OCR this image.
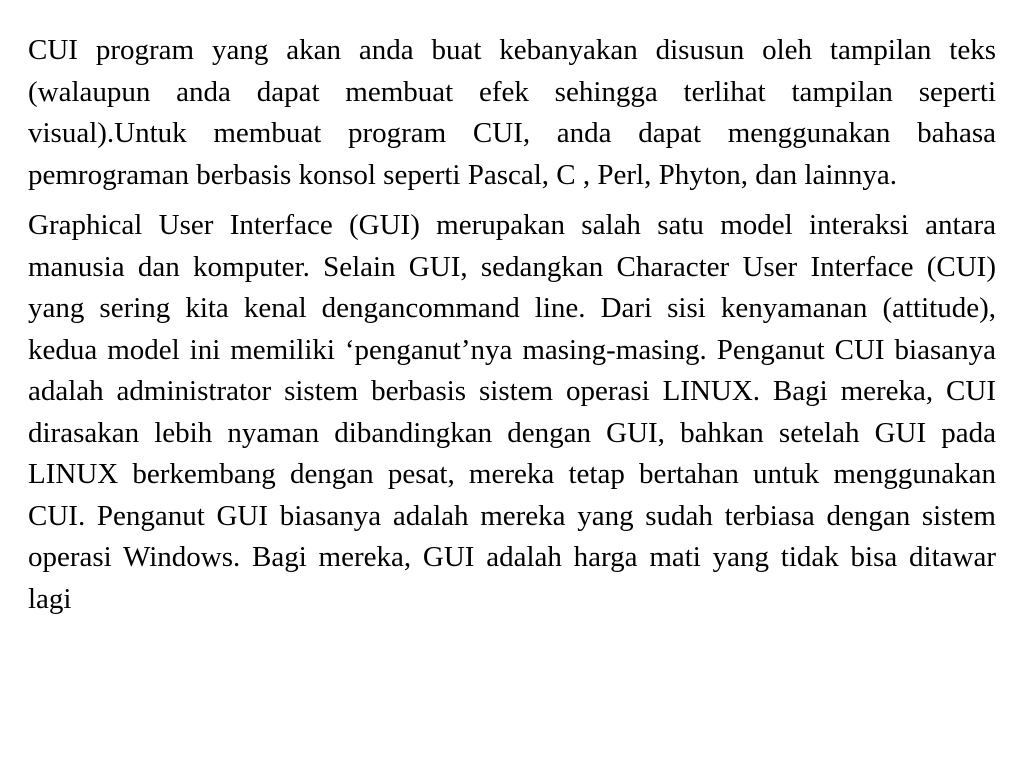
CUI program yang akan anda buat kebanyakan disusun oleh tampilan teks (walaupun anda dapat membuat efek sehingga terlihat tampilan seperti visual).Untuk membuat program CUI, anda dapat menggunakan bahasa pemrograman berbasis konsol seperti Pascal, C , Perl, Phyton, dan lainnya.

Graphical User Interface (GUI) merupakan salah satu model interaksi antara manusia dan komputer. Selain GUI, sedangkan Character User Interface (CUI) yang sering kita kenal dengancommand line. Dari sisi kenyamanan (attitude), kedua model ini memiliki ‘penganut’nya masing-masing. Penganut CUI biasanya adalah administrator sistem berbasis sistem operasi LINUX. Bagi mereka, CUI dirasakan lebih nyaman dibandingkan dengan GUI, bahkan setelah GUI pada LINUX berkembang dengan pesat, mereka tetap bertahan untuk menggunakan CUI. Penganut GUI biasanya adalah mereka yang sudah terbiasa dengan sistem operasi Windows. Bagi mereka, GUI adalah harga mati yang tidak bisa ditawar lagi
